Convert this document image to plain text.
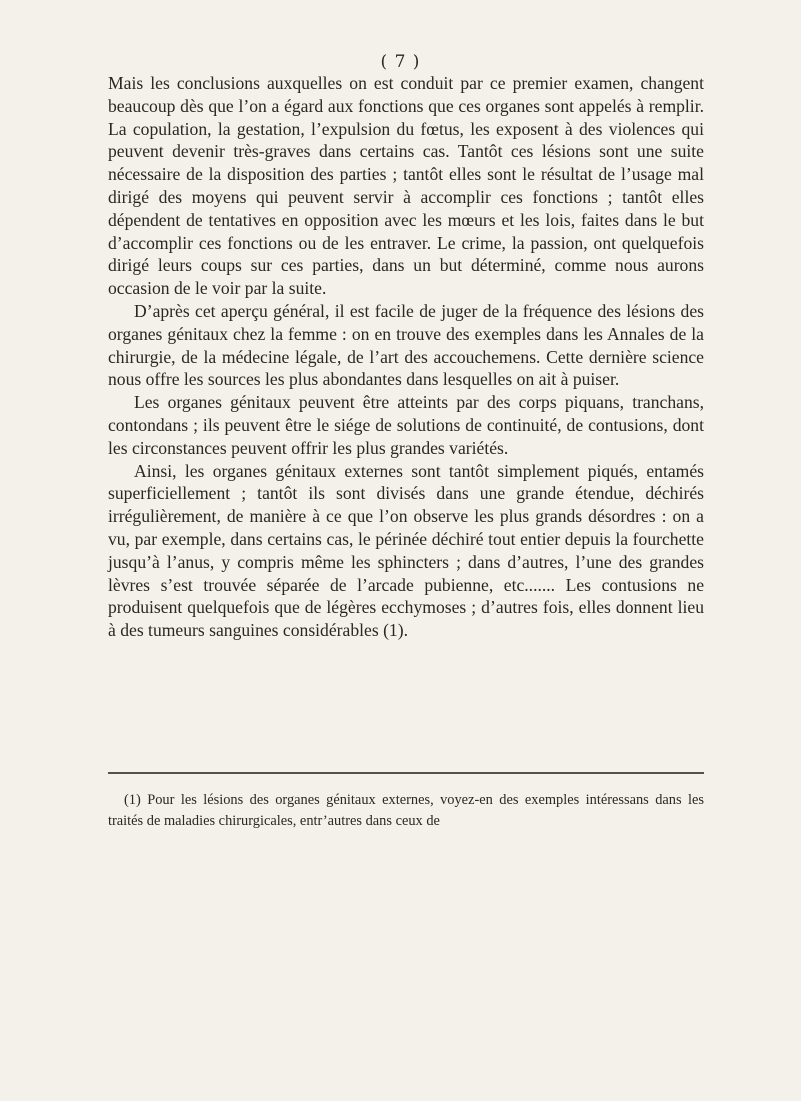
( 7 )

Mais les conclusions auxquelles on est conduit par ce premier examen, changent beaucoup dès que l’on a égard aux fonctions que ces organes sont appelés à remplir. La copulation, la gestation, l’expulsion du fœtus, les exposent à des violences qui peuvent devenir très-graves dans certains cas. Tantôt ces lésions sont une suite nécessaire de la disposition des parties ; tantôt elles sont le résultat de l’usage mal dirigé des moyens qui peuvent servir à accomplir ces fonctions ; tantôt elles dépendent de tentatives en opposition avec les mœurs et les lois, faites dans le but d’accomplir ces fonctions ou de les entraver. Le crime, la passion, ont quelquefois dirigé leurs coups sur ces parties, dans un but déterminé, comme nous aurons occasion de le voir par la suite.

D’après cet aperçu général, il est facile de juger de la fréquence des lésions des organes génitaux chez la femme : on en trouve des exemples dans les Annales de la chirurgie, de la médecine légale, de l’art des accouchemens. Cette dernière science nous offre les sources les plus abondantes dans lesquelles on ait à puiser.

Les organes génitaux peuvent être atteints par des corps piquans, tranchans, contondans ; ils peuvent être le siége de solutions de continuité, de contusions, dont les circonstances peuvent offrir les plus grandes variétés.

Ainsi, les organes génitaux externes sont tantôt simplement piqués, entamés superficiellement ; tantôt ils sont divisés dans une grande étendue, déchirés irrégulièrement, de manière à ce que l’on observe les plus grands désordres : on a vu, par exemple, dans certains cas, le périnée déchiré tout entier depuis la fourchette jusqu’à l’anus, y compris même les sphincters ; dans d’autres, l’une des grandes lèvres s’est trouvée séparée de l’arcade pubienne, etc....... Les contusions ne produisent quelquefois que de légères ecchymoses ; d’autres fois, elles donnent lieu à des tumeurs sanguines considérables (1).

(1) Pour les lésions des organes génitaux externes, voyez-en des exemples intéressans dans les traités de maladies chirurgicales, entr’autres dans ceux de
